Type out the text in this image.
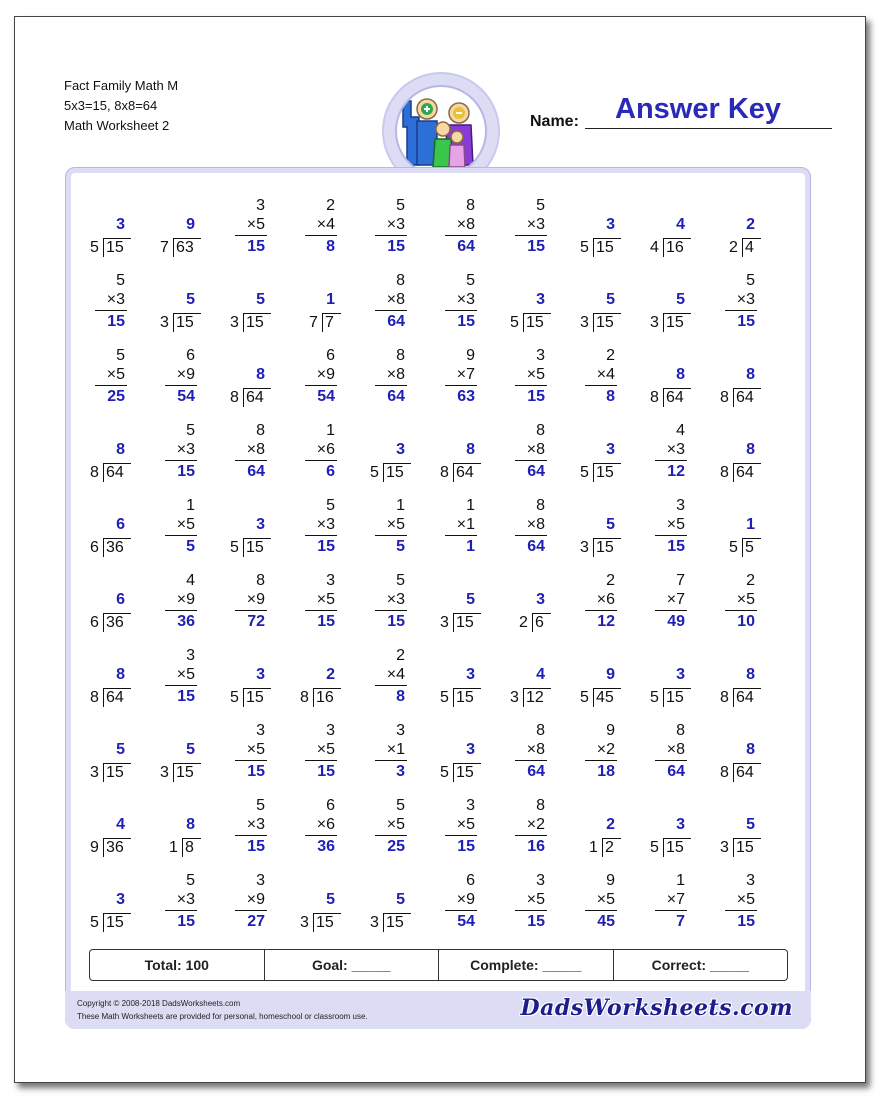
Fact Family Math M
5x3=15, 8x8=64
Math Worksheet 2	Name: Answer Key
3
15
5
9
63
7
3
×5
15
2
×4
8
5
×3
15
8
×8
64
5
×3
15
3
15
5
4
16
4
2
4
2
5
×3
15
5
15
3
5
15
3
1
7
7
8
×8
64
5
×3
15
3
15
5
5
15
3
5
15
3
5
×3
15
5
×5
25
6
×9
54
8
64
8
6
×9
54
8
×8
64
9
×7
63
3
×5
15
2
×4
8
8
64
8
8
64
8
8
64
8
5
×3
15
8
×8
64
1
×6
6
3
15
5
8
64
8
8
×8
64
3
15
5
4
×3
12
8
64
8
6
36
6
1
×5
5
3
15
5
5
×3
15
1
×5
5
1
×1
1
8
×8
64
5
15
3
3
×5
15
1
5
5
6
36
6
4
×9
36
8
×9
72
3
×5
15
5
×3
15
5
15
3
3
6
2
2
×6
12
7
×7
49
2
×5
10
8
64
8
3
×5
15
3
15
5
2
16
8
2
×4
8
3
15
5
4
12
3
9
45
5
3
15
5
8
64
8
5
15
3
5
15
3
3
×5
15
3
×5
15
3
×1
3
3
15
5
8
×8
64
9
×2
18
8
×8
64
8
64
8
4
36
9
8
8
1
5
×3
15
6
×6
36
5
×5
25
3
×5
15
8
×2
16
2
2
1
3
15
5
5
15
3
3
15
5
5
×3
15
3
×9
27
5
15
3
5
15
3
6
×9
54
3
×5
15
9
×5
45
1
×7
7
3
×5
15
Total: 100	Goal: _____	Complete: _____	Correct: _____
Copyright © 2008-2018 DadsWorksheets.com
These Math Worksheets are provided for personal, homeschool or classroom use.	DadsWorksheets.com
